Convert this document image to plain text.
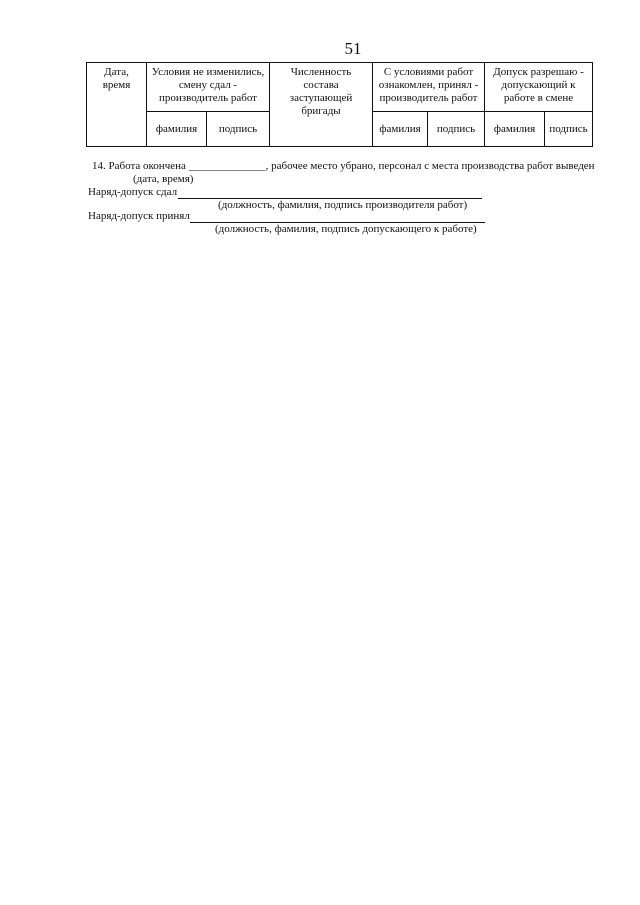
51
Дата, время	Условия не изменились, смену сдал - производитель работ		Численность состава заступающей бригады	С условиями работ ознакомлен, принял - производитель работ		Допуск разрешаю - допускающий к работе в смене	
	фамилия	подпись		фамилия	подпись	фамилия	подпись
14. Работа окончена ______________, рабочее место убрано, персонал с места производства работ выведен
(дата, время)
Наряд-допуск сдал
(должность, фамилия, подпись производителя работ)
Наряд-допуск принял
(должность, фамилия, подпись допускающего к работе)
